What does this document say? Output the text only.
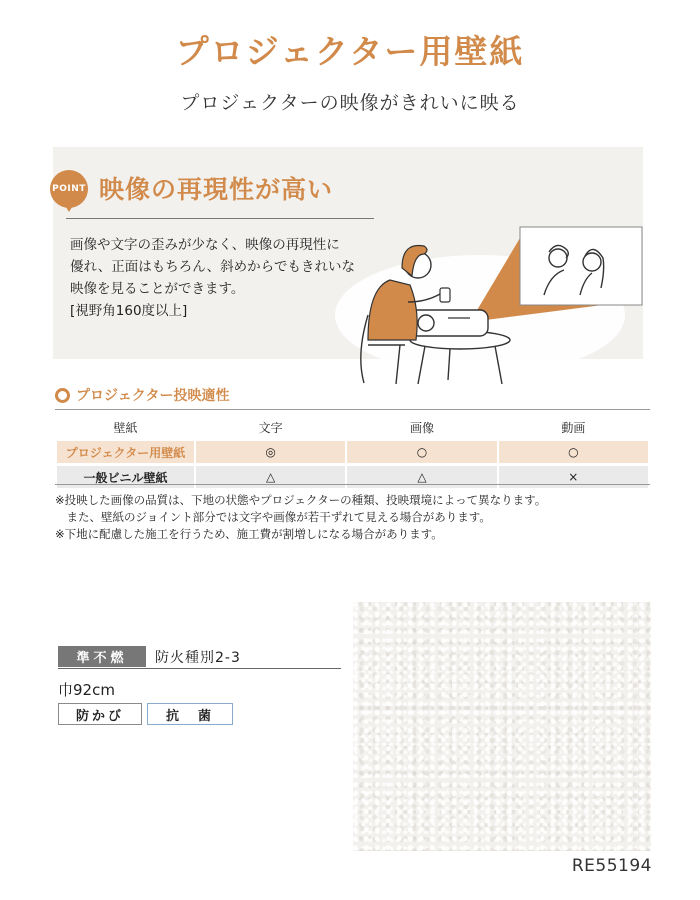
プロジェクター用壁紙
プロジェクターの映像がきれいに映る
POINT 映像の再現性が高い
画像や文字の歪みが少なく、映像の再現性に
優れ、正面はもちろん、斜めからでもきれいな
映像を見ることができます。
[視野角160度以上]
プロジェクター投映適性
壁紙	文字	画像	動画
プロジェクター用壁紙	◎	○	○
一般ビニル壁紙	△	△	×
※投映した画像の品質は、下地の状態やプロジェクターの種類、投映環境によって異なります。
　また、壁紙のジョイント部分では文字や画像が若干ずれて見える場合があります。
※下地に配慮した施工を行うため、施工費が割増しになる場合があります。
準不燃	防火種別2-3
巾92cm
防かび	抗　菌
RE55194
